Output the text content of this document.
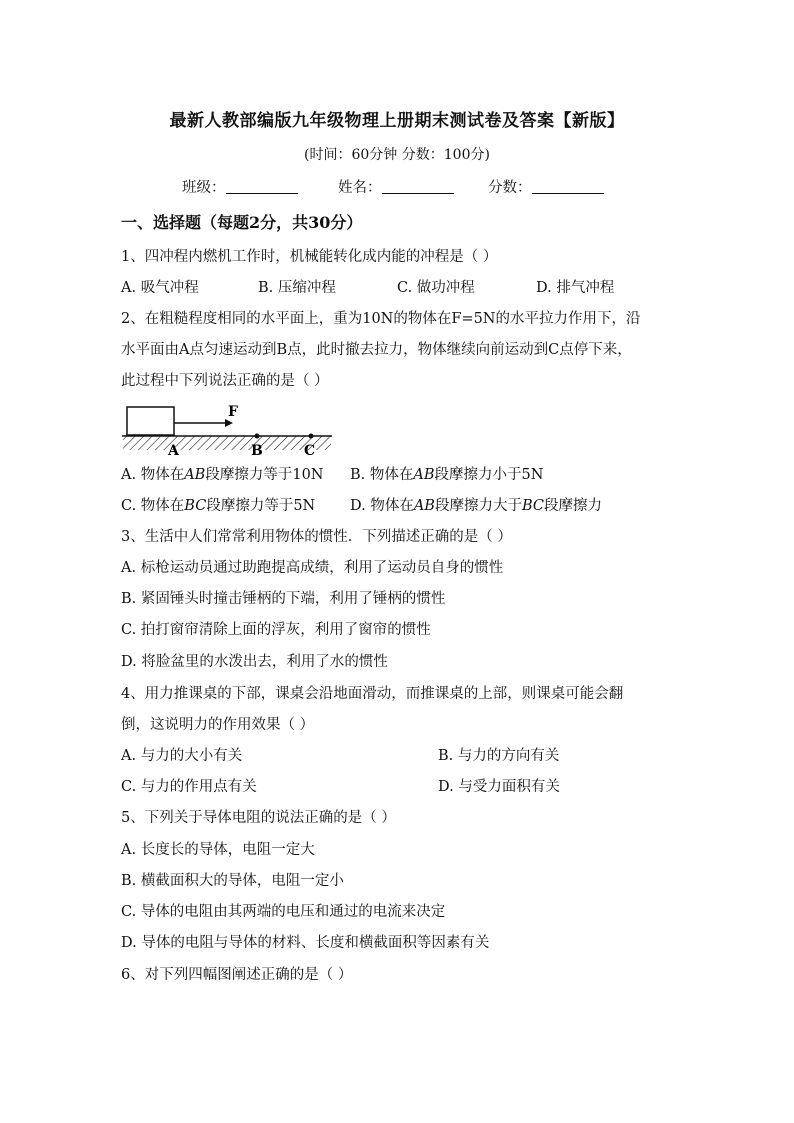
最新人教部编版九年级物理上册期末测试卷及答案【新版】
(时间：60分钟 分数：100分)
班级：	姓名：	分数：
一、选择题（每题2分，共30分）
1、四冲程内燃机工作时，机械能转化成内能的冲程是（ ）
A. 吸气冲程	B. 压缩冲程	C. 做功冲程	D. 排气冲程
2、在粗糙程度相同的水平面上，重为10N的物体在F=5N的水平拉力作用下，沿
水平面由A点匀速运动到B点，此时撤去拉力，物体继续向前运动到C点停下来，
此过程中下列说法正确的是（ ）
F
A	B	C
A. 物体在AB段摩擦力等于10N B. 物体在AB段摩擦力小于5N
C. 物体在BC段摩擦力等于5N D. 物体在AB段摩擦力大于BC段摩擦力
3、生活中人们常常利用物体的惯性．下列描述正确的是（ ）
A. 标枪运动员通过助跑提高成绩，利用了运动员自身的惯性
B. 紧固锤头时撞击锤柄的下端，利用了锤柄的惯性
C. 拍打窗帘清除上面的浮灰，利用了窗帘的惯性
D. 将脸盆里的水泼出去，利用了水的惯性
4、用力推课桌的下部，课桌会沿地面滑动，而推课桌的上部，则课桌可能会翻
倒，这说明力的作用效果（ ）
A. 与力的大小有关	B. 与力的方向有关
C. 与力的作用点有关	D. 与受力面积有关
5、下列关于导体电阻的说法正确的是（ ）
A. 长度长的导体，电阻一定大
B. 横截面积大的导体，电阻一定小
C. 导体的电阻由其两端的电压和通过的电流来决定
D. 导体的电阻与导体的材料、长度和横截面积等因素有关
6、对下列四幅图阐述正确的是（ ）
